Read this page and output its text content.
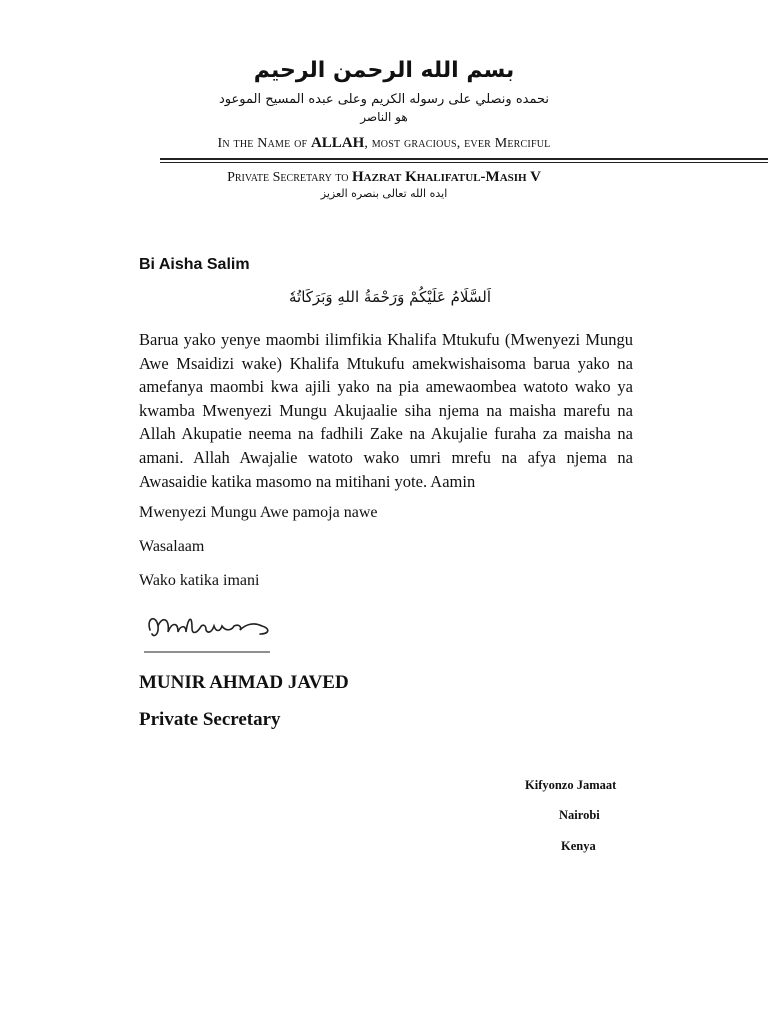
بسم الله الرحمن الرحيم
نحمده ونصلي على رسوله الكريم وعلى عبده المسيح الموعود
هو الناصر
In the Name of ALLAH, most gracious, ever Merciful
Private Secretary to Hazrat Khalifatul-Masih V
ايده الله تعالى بنصره العزيز
Bi Aisha Salim
اَلسَّلَامُ عَلَيْكُمْ وَرَحْمَةُ اللهِ وَبَرَكَاتُهٗ
Barua yako yenye maombi ilimfikia Khalifa Mtukufu (Mwenyezi Mungu Awe Msaidizi wake) Khalifa Mtukufu amekwishaisoma barua yako na amefanya maombi kwa ajili yako na pia amewaombea watoto wako ya kwamba Mwenyezi Mungu Akujaalie siha njema na maisha marefu na Allah Akupatie neema na fadhili Zake na Akujalie furaha za maisha na amani. Allah Awajalie watoto wako umri mrefu na afya njema na Awasaidie katika masomo na mitihani yote. Aamin
Mwenyezi Mungu Awe pamoja nawe
Wasalaam
Wako katika imani
MUNIR AHMAD JAVED
Private Secretary
Kifyonzo Jamaat
Nairobi
Kenya
